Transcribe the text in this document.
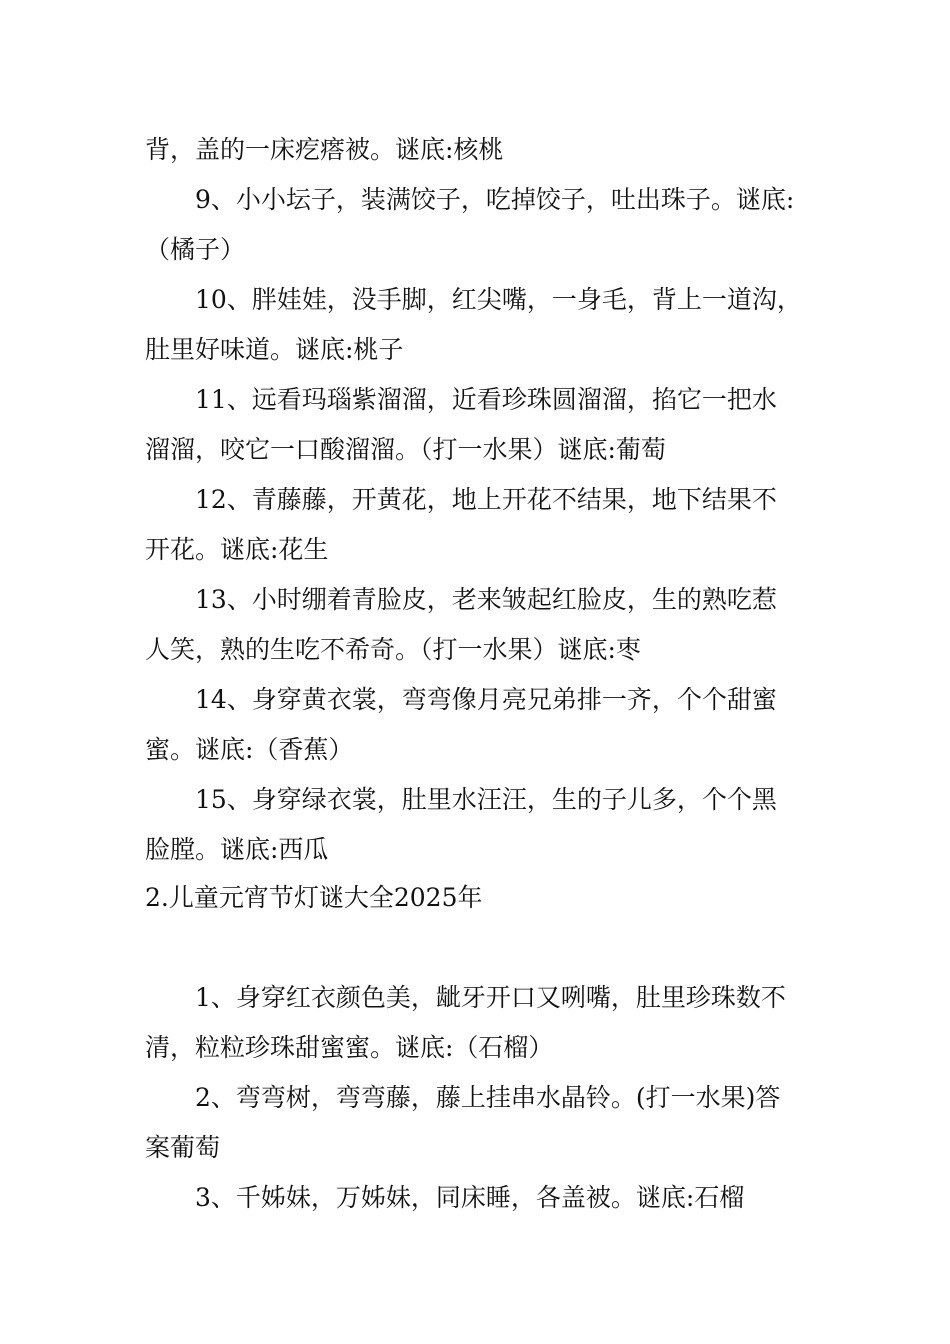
背，盖的一床疙瘩被。谜底:核桃

9、小小坛子，装满饺子，吃掉饺子，吐出珠子。谜底:

（橘子）

10、胖娃娃，没手脚，红尖嘴，一身毛，背上一道沟，

肚里好味道。谜底:桃子

11、远看玛瑙紫溜溜，近看珍珠圆溜溜，掐它一把水

溜溜，咬它一口酸溜溜。（打一水果）谜底:葡萄

12、青藤藤，开黄花，地上开花不结果，地下结果不

开花。谜底:花生

13、小时绷着青脸皮，老来皱起红脸皮，生的熟吃惹

人笑，熟的生吃不希奇。（打一水果）谜底:枣

14、身穿黄衣裳，弯弯像月亮兄弟排一齐，个个甜蜜

蜜。谜底:（香蕉）

15、身穿绿衣裳，肚里水汪汪，生的子儿多，个个黑

脸膛。谜底:西瓜

2.儿童元宵节灯谜大全2025年

1、身穿红衣颜色美，龇牙开口又咧嘴，肚里珍珠数不

清，粒粒珍珠甜蜜蜜。谜底:（石榴）

2、弯弯树，弯弯藤，藤上挂串水晶铃。(打一水果)答

案葡萄

3、千姊妹，万姊妹，同床睡，各盖被。谜底:石榴
